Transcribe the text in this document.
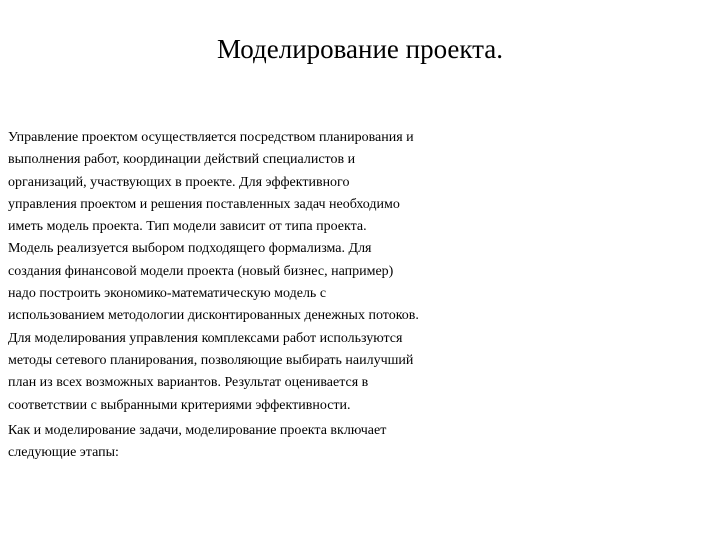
Моделирование проекта.
Управление проектом осуществляется посредством планирования и
выполнения работ, координации действий специалистов и
организаций, участвующих в проекте. Для эффективного
управления проектом и решения поставленных задач необходимо
иметь модель проекта. Тип модели зависит от типа проекта.
Модель реализуется выбором подходящего формализма. Для
создания финансовой модели проекта (новый бизнес, например)
надо построить экономико-математическую модель с
использованием методологии дисконтированных денежных потоков.
Для моделирования управления комплексами работ используются
методы сетевого планирования, позволяющие выбирать наилучший
план из всех возможных вариантов. Результат оценивается в
соответствии с выбранными критериями эффективности.
Как и моделирование задачи, моделирование проекта включает
следующие этапы:
